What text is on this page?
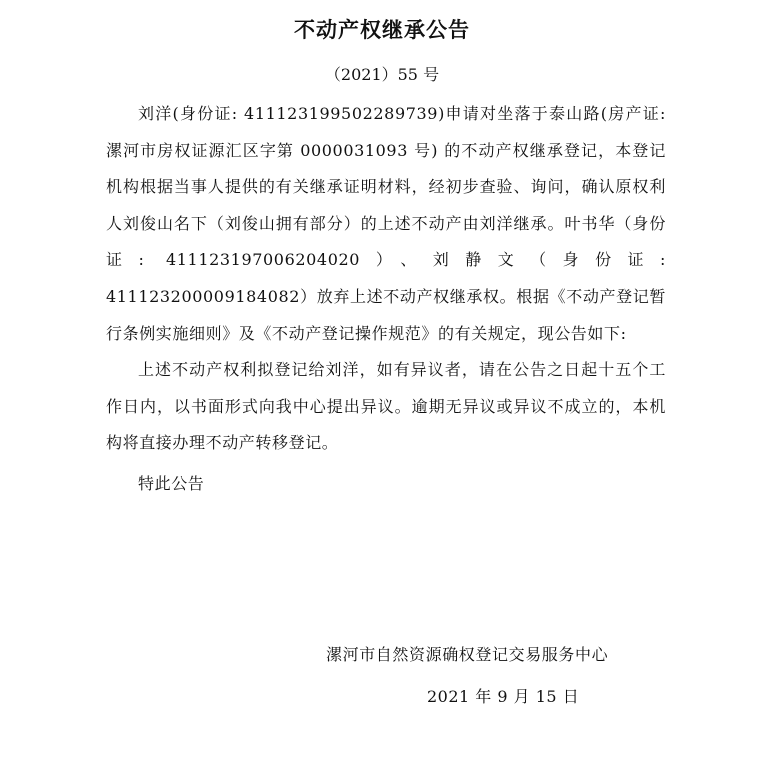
不动产权继承公告
（2021）55 号

刘洋(身份证: 411123199502289739)申请对坐落于泰山路(房产证: 漯河市房权证源汇区字第 0000031093 号) 的不动产权继承登记，本登记机构根据当事人提供的有关继承证明材料，经初步查验、询问，确认原权利人刘俊山名下（刘俊山拥有部分）的上述不动产由刘洋继承。叶书华（身份证: 411123197006204020）、刘静文（身份证: 411123200009184082）放弃上述不动产权继承权。根据《不动产登记暂行条例实施细则》及《不动产登记操作规范》的有关规定，现公告如下:

上述不动产权利拟登记给刘洋，如有异议者，请在公告之日起十五个工作日内，以书面形式向我中心提出异议。逾期无异议或异议不成立的，本机构将直接办理不动产转移登记。

特此公告

漯河市自然资源确权登记交易服务中心
2021 年 9 月 15 日
